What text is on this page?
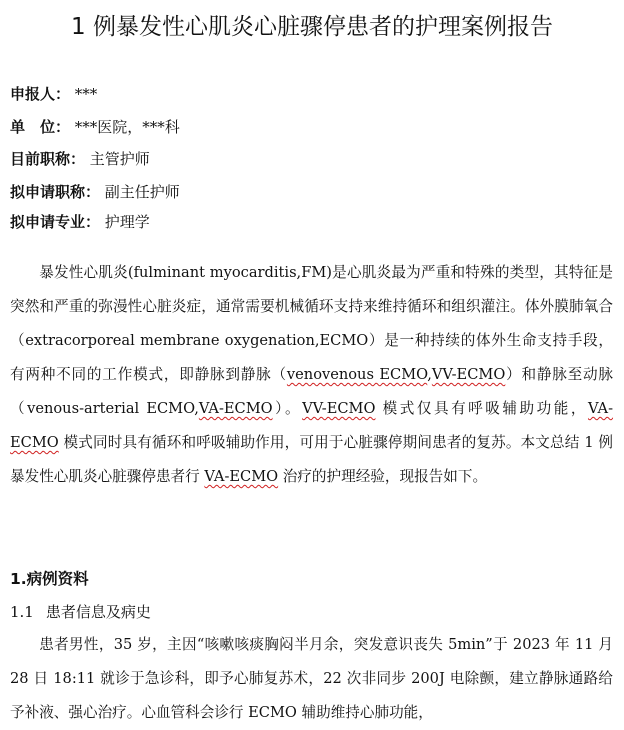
1 例暴发性心肌炎心脏骤停患者的护理案例报告
申报人： ***
单　位： ***医院，***科
目前职称： 主管护师
拟申请职称： 副主任护师
拟申请专业： 护理学
暴发性心肌炎(fulminant myocarditis,FM)是心肌炎最为严重和特殊的类型，其特征是突然和严重的弥漫性心脏炎症，通常需要机械循环支持来维持循环和组织灌注。体外膜肺氧合（extracorporeal membrane oxygenation,ECMO）是一种持续的体外生命支持手段，有两种不同的工作模式，即静脉到静脉（venovenous ECMO,VV-ECMO）和静脉至动脉（venous-arterial ECMO,VA-ECMO）。VV-ECMO 模式仅具有呼吸辅助功能，VA-ECMO 模式同时具有循环和呼吸辅助作用，可用于心脏骤停期间患者的复苏。本文总结 1 例暴发性心肌炎心脏骤停患者行 VA-ECMO 治疗的护理经验，现报告如下。
1.病例资料
1.1 患者信息及病史
患者男性，35 岁，主因“咳嗽咳痰胸闷半月余，突发意识丧失 5min”于 2023 年 11 月 28 日 18:11 就诊于急诊科，即予心肺复苏术，22 次非同步 200J 电除颤，建立静脉通路给予补液、强心治疗。心血管科会诊行 ECMO 辅助维持心肺功能，
